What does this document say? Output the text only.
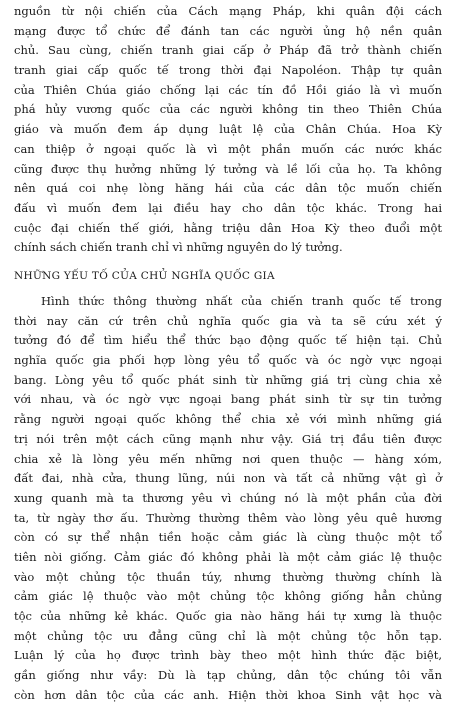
nguồn từ nội chiến của Cách mạng Pháp, khi quân đội cách
mạng được tổ chức để đánh tan các người ủng hộ nền quân
chủ. Sau cùng, chiến tranh giai cấp ở Pháp đã trở thành chiến
tranh giai cấp quốc tế trong thời đại Napoléon. Thập tự quân
của Thiên Chúa giáo chống lại các tín đồ Hồi giáo là vì muốn
phá hủy vương quốc của các người không tin theo Thiên Chúa
giáo và muốn đem áp dụng luật lệ của Chân Chúa. Hoa Kỳ
can thiệp ở ngoại quốc là vì một phần muốn các nước khác
cũng được thụ hưởng những lý tưởng và lề lối của họ. Ta không
nên quá coi nhẹ lòng hăng hái của các dân tộc muốn chiến
đấu vì muốn đem lại điều hay cho dân tộc khác. Trong hai
cuộc đại chiến thế giới, hằng triệu dân Hoa Kỳ theo đuổi một
chính sách chiến tranh chỉ vì những nguyên do lý tưởng.
NHỮNG YẾU TỐ CỦA CHỦ NGHĨA QUỐC GIA
Hình thức thông thường nhất của chiến tranh quốc tế trong
thời nay căn cứ trên chủ nghĩa quốc gia và ta sẽ cứu xét ý
tưởng đó để tìm hiểu thể thức bạo động quốc tế hiện tại. Chủ
nghĩa quốc gia phối hợp lòng yêu tổ quốc và óc ngờ vực ngoại
bang. Lòng yêu tổ quốc phát sinh từ những giá trị cùng chia xẻ
với nhau, và óc ngờ vực ngoại bang phát sinh từ sự tin tưởng
rằng người ngoại quốc không thể chia xẻ với mình những giá
trị nói trên một cách cũng mạnh như vậy. Giá trị đầu tiên được
chia xẻ là lòng yêu mến những nơi quen thuộc — hàng xóm,
đất đai, nhà cửa, thung lũng, núi non và tất cả những vật gì ở
xung quanh mà ta thương yêu vì chúng nó là một phần của đời
ta, từ ngày thơ ấu. Thường thường thêm vào lòng yêu quê hương
còn có sự thể nhận tiền hoặc cảm giác là cùng thuộc một tổ
tiên nòi giống. Cảm giác đó không phải là một cảm giác lệ thuộc
vào một chủng tộc thuần túy, nhưng thường thường chính là
cảm giác lệ thuộc vào một chủng tộc không giống hẳn chủng
tộc của những kẻ khác. Quốc gia nào hăng hái tự xưng là thuộc
một chủng tộc ưu đẳng cũng chỉ là một chủng tộc hỗn tạp.
Luận lý của họ được trình bày theo một hình thức đặc biệt,
gần giống như vầy: Dù là tạp chủng, dân tộc chúng tôi vẫn
còn hơn dân tộc của các anh. Hiện thời khoa Sinh vật học và
